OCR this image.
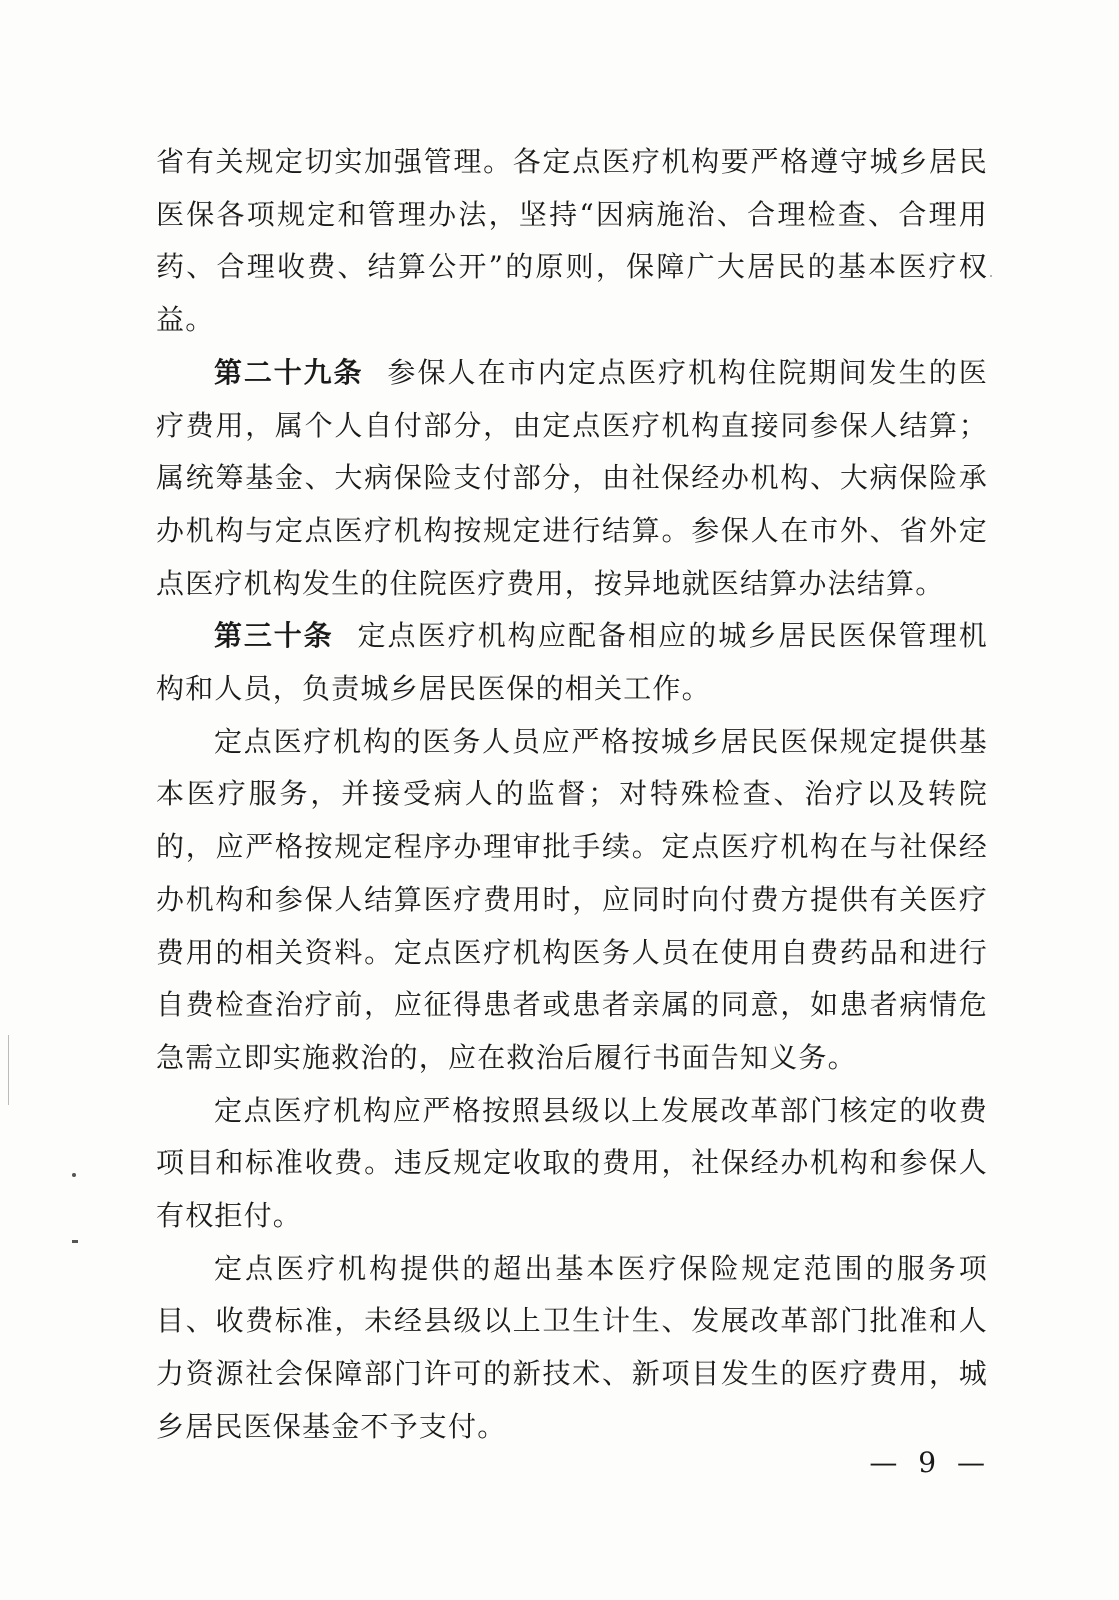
省有关规定切实加强管理。各定点医疗机构要严格遵守城乡居民医保各项规定和管理办法，坚持“因病施治、合理检查、合理用药、合理收费、结算公开”的原则，保障广大居民的基本医疗权益。

第二十九条 参保人在市内定点医疗机构住院期间发生的医疗费用，属个人自付部分，由定点医疗机构直接同参保人结算；属统筹基金、大病保险支付部分，由社保经办机构、大病保险承办机构与定点医疗机构按规定进行结算。参保人在市外、省外定点医疗机构发生的住院医疗费用，按异地就医结算办法结算。

第三十条 定点医疗机构应配备相应的城乡居民医保管理机构和人员，负责城乡居民医保的相关工作。

定点医疗机构的医务人员应严格按城乡居民医保规定提供基本医疗服务，并接受病人的监督；对特殊检查、治疗以及转院的，应严格按规定程序办理审批手续。定点医疗机构在与社保经办机构和参保人结算医疗费用时，应同时向付费方提供有关医疗费用的相关资料。定点医疗机构医务人员在使用自费药品和进行自费检查治疗前，应征得患者或患者亲属的同意，如患者病情危急需立即实施救治的，应在救治后履行书面告知义务。

定点医疗机构应严格按照县级以上发展改革部门核定的收费项目和标准收费。违反规定收取的费用，社保经办机构和参保人有权拒付。

定点医疗机构提供的超出基本医疗保险规定范围的服务项目、收费标准，未经县级以上卫生计生、发展改革部门批准和人力资源社会保障部门许可的新技术、新项目发生的医疗费用，城乡居民医保基金不予支付。

— 9 —
